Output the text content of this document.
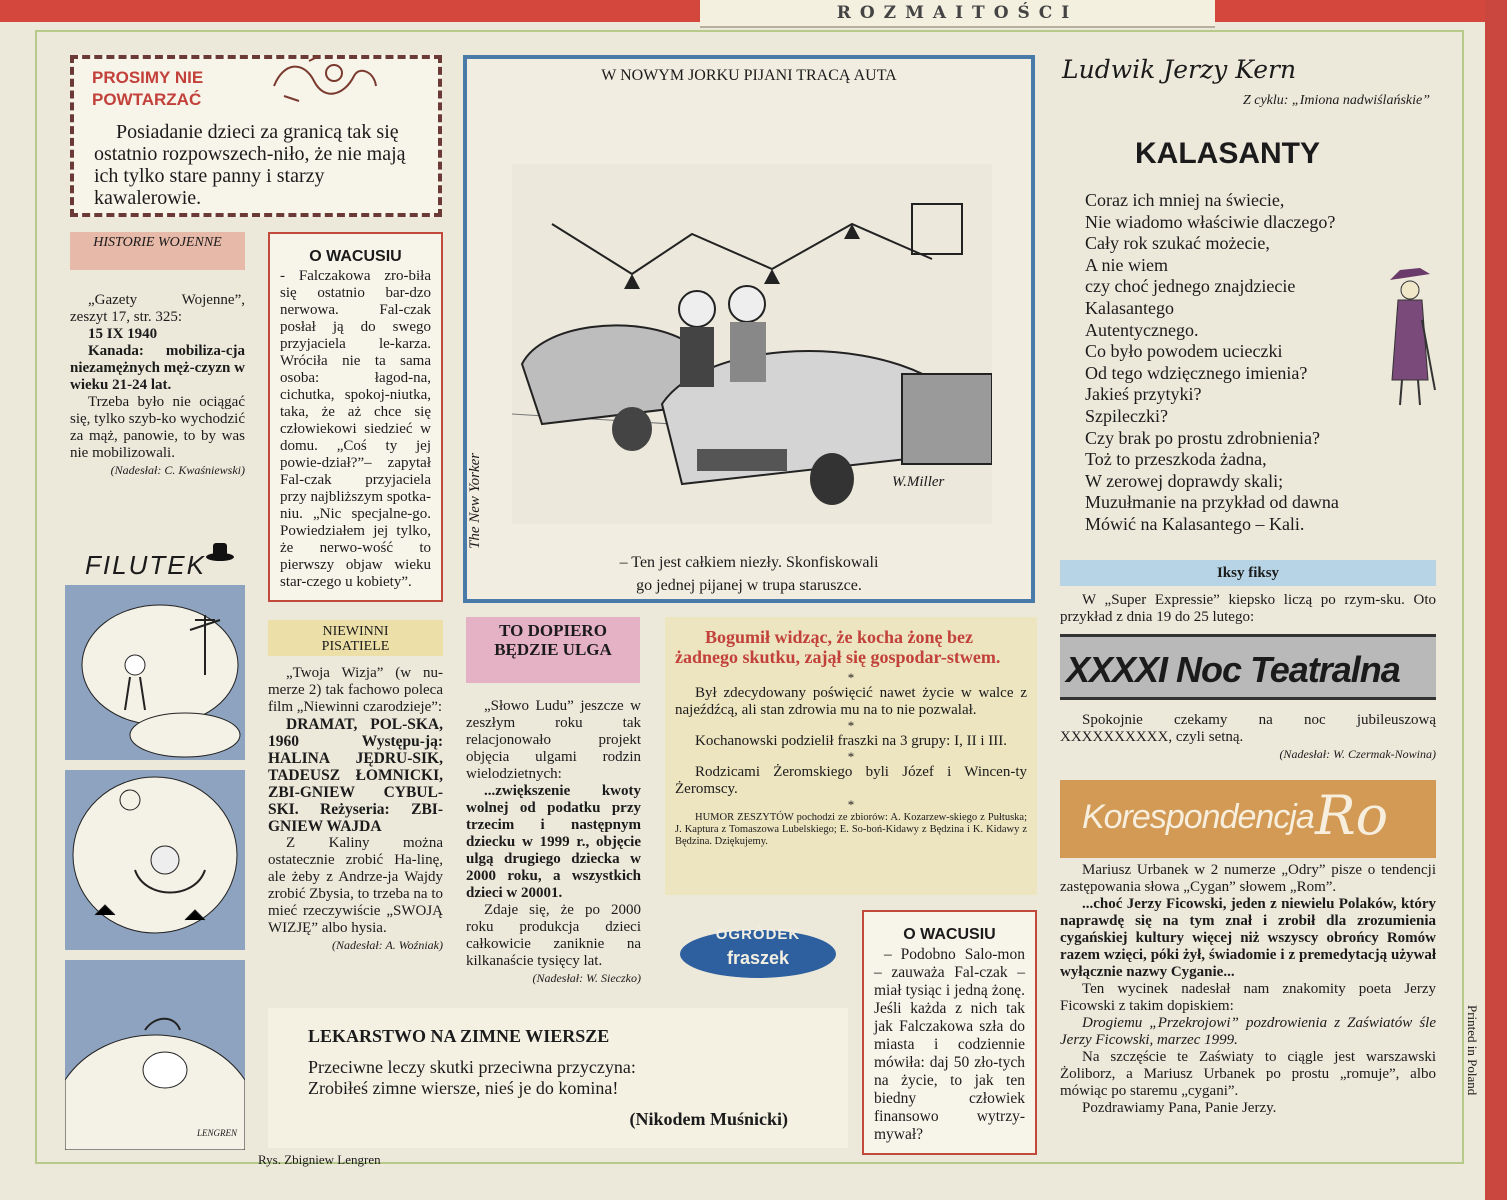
ROZMAITOŚCI
PROSIMY NIE
POWTARZAĆ

Posiadanie dzieci za granicą tak się ostatnio rozpowszech-niło, że nie mają ich tylko stare panny i starzy kawalerowie.

HISTORIE WOJENNE

„Gazety Wojenne”, zeszyt 17, str. 325:

15 IX 1940

Kanada: mobiliza-cja niezamężnych męż-czyzn w wieku 21-24 lat.

Trzeba było nie ociągać się, tylko szyb-ko wychodzić za mąż, panowie, to by was nie mobilizowali.

(Nadesłał: C. Kwaśniewski)

O WACUSIU

- Falczakowa zro-biła się ostatnio bar-dzo nerwowa. Fal-czak posłał ją do swego przyjaciela le-karza. Wróciła nie ta sama osoba: łagod-na, cichutka, spokoj-niutka, taka, że aż chce się człowiekowi siedzieć w domu. „Coś ty jej powie-dział?”– zapytał Fal-czak przyjaciela przy najbliższym spotka-niu. „Nic specjalne-go. Powiedziałem jej tylko, że nerwo-wość to pierwszy objaw wieku star-czego u kobiety”.

W NOWYM JORKU PIJANI TRACĄ AUTA
The New Yorker	W.Miller
– Ten jest całkiem niezły. Skonfiskowali
go jednej pijanej w trupa staruszce.
Ludwik Jerzy Kern
Z cyklu: „Imiona nadwiślańskie”
KALASANTY
Coraz ich mniej na świecie,
Nie wiadomo właściwie dlaczego?
Cały rok szukać możecie,
A nie wiem
czy choć jednego znajdziecie
Kalasantego
Autentycznego.
Co było powodem ucieczki
Od tego wdzięcznego imienia?
Jakieś przytyki?
Szpileczki?
Czy brak po prostu zdrobnienia?
Toż to przeszkoda żadna,
W zerowej doprawdy skali;
Muzułmanie na przykład od dawna
Mówić na Kalasantego – Kali.
FILUTEK
LENGREN
Rys. Zbigniew Lengren
NIEWINNI PISATIELE

„Twoja Wizja” (w nu-merze 2) tak fachowo poleca film „Niewinni czarodzieje”:

DRAMAT, POL-SKA, 1960 Występu-ją: HALINA JĘDRU-SIK, TADEUSZ ŁOMNICKI, ZBI-GNIEW CYBUL-SKI. Reżyseria: ZBI-GNIEW WAJDA

Z Kaliny można ostatecznie zrobić Ha-linę, ale żeby z Andrze-ja Wajdy zrobić Zbysia, to trzeba na to mieć rzeczywiście „SWOJĄ WIZJĘ” albo hysia.

(Nadesłał: A. Woźniak)

TO DOPIERO BĘDZIE ULGA

„Słowo Ludu” jeszcze w zeszłym roku tak relacjonowało projekt objęcia ulgami rodzin wielodzietnych:

...zwiększenie kwoty wolnej od podatku przy trzecim i następnym dziecku w 1999 r., objęcie ulgą drugiego dziecka w 2000 roku, a wszystkich dzieci w 20001.

Zdaje się, że po 2000 roku produkcja dzieci całkowicie zaniknie na kilkanaście tysięcy lat.

(Nadesłał: W. Sieczko)

Bogumił widząc, że kocha żonę bez żadnego skutku, zajął się gospodar-stwem.

*

Był zdecydowany poświęcić nawet życie w walce z najeźdźcą, ali stan zdrowia mu na to nie pozwalał.

*

Kochanowski podzielił fraszki na 3 grupy: I, II i III.

*

Rodzicami Żeromskiego byli Józef i Wincen-ty Żeromscy.

*

HUMOR ZESZYTÓW pochodzi ze zbiorów: A. Kozarzew-skiego z Pułtuska; J. Kaptura z Tomaszowa Lubelskiego; E. So-boń-Kidawy z Będzina i K. Kidawy z Będzina. Dziękujemy.

OGRÓDEK
fraszek
O WACUSIU

– Podobno Salo-mon – zauważa Fal-czak – miał tysiąc i jedną żonę. Jeśli każda z nich tak jak Falczakowa szła do miasta i codziennie mówiła: daj 50 zło-tych na życie, to jak ten biedny człowiek finansowo wytrzy-mywał?

LEKARSTWO NA ZIMNE WIERSZE
Przeciwne leczy skutki przeciwna przyczyna:
Zrobiłeś zimne wiersze, nieś je do komina!
(Nikodem Muśnicki)
Iksy fiksy

W „Super Expressie” kiepsko liczą po rzym-sku. Oto przykład z dnia 19 do 25 lutego:

XXXXI Noc Teatralna

Spokojnie czekamy na noc jubileuszową XXXXXXXXXX, czyli setną.

(Nadesłał: W. Czermak-Nowina)

Korespondencja Ro

Mariusz Urbanek w 2 numerze „Odry” pisze o tendencji zastępowania słowa „Cygan” słowem „Rom”.

...choć Jerzy Ficowski, jeden z niewielu Polaków, który naprawdę się na tym znał i zrobił dla zrozumienia cygańskiej kultury więcej niż wszyscy obrońcy Romów razem wzięci, póki żył, świadomie i z premedytacją używał wyłącznie nazwy Cyganie...

Ten wycinek nadesłał nam znakomity poeta Jerzy Ficowski z takim dopiskiem:

Drogiemu „Przekrojowi” pozdrowienia z Zaświatów śle Jerzy Ficowski, marzec 1999.

Na szczęście te Zaświaty to ciągle jest warszawski Żoliborz, a Mariusz Urbanek po prostu „romuje”, albo mówiąc po staremu „cygani”.

Pozdrawiamy Pana, Panie Jerzy.

Printed in Poland
